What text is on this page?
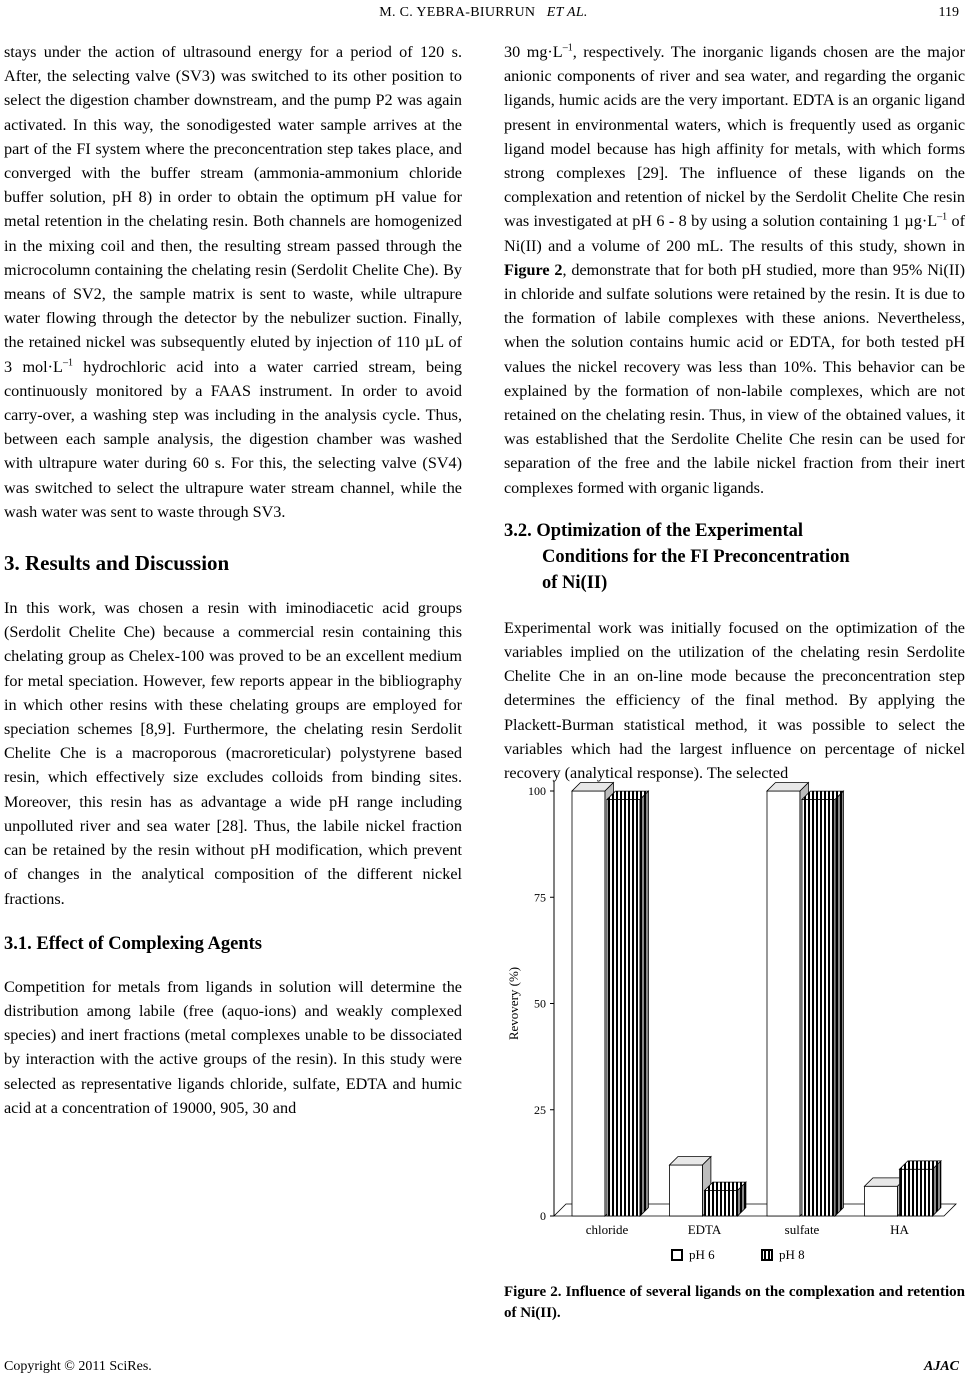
M. C. YEBRA-BIURRUN ET AL.	119

stays under the action of ultrasound energy for a period of 120 s. After, the selecting valve (SV3) was switched to its other position to select the digestion chamber downstream, and the pump P2 was again activated. In this way, the sonodigested water sample arrives at the part of the FI system where the preconcentration step takes place, and converged with the buffer stream (ammonia-ammonium chloride buffer solution, pH 8) in order to obtain the optimum pH value for metal retention in the chelating resin. Both channels are homogenized in the mixing coil and then, the resulting stream passed through the microcolumn containing the chelating resin (Serdolit Chelite Che). By means of SV2, the sample matrix is sent to waste, while ultrapure water flowing through the detector by the nebulizer suction. Finally, the retained nickel was subsequently eluted by injection of 110 µL of 3 $mol\cdot L^{-1}$ hydrochloric acid into a water carried stream, being continuously monitored by a FAAS instrument. In order to avoid carry-over, a washing step was including in the analysis cycle. Thus, between each sample analysis, the digestion chamber was washed with ultrapure water during 60 s. For this, the selecting valve (SV4) was switched to select the ultrapure water stream channel, while the wash water was sent to waste through SV3.

3. Results and Discussion

In this work, was chosen a resin with iminodiacetic acid groups (Serdolit Chelite Che) because a commercial resin containing this chelating group as Chelex-100 was proved to be an excellent medium for metal speciation. However, few reports appear in the bibliography in which other resins with these chelating groups are employed for speciation schemes [8,9]. Furthermore, the chelating resin Serdolit Chelite Che is a macroporous (macroreticular) polystyrene based resin, which effectively size excludes colloids from binding sites. Moreover, this resin has as advantage a wide pH range including unpolluted river and sea water [28]. Thus, the labile nickel fraction can be retained by the resin without pH modification, which prevent of changes in the analytical composition of the different nickel fractions.

3.1. Effect of Complexing Agents

Competition for metals from ligands in solution will determine the distribution among labile (free (aquo-ions) and weakly complexed species) and inert fractions (metal complexes unable to be dissociated by interaction with the active groups of the resin). In this study were selected as representative ligands chloride, sulfate, EDTA and humic acid at a concentration of 19000, 905, 30 and

30 $mg\cdot L^{-1}$, respectively. The inorganic ligands chosen are the major anionic components of river and sea water, and regarding the organic ligands, humic acids are the very important. EDTA is an organic ligand present in environmental waters, which is frequently used as organic ligand model because has high affinity for metals, with which forms strong complexes [29]. The influence of these ligands on the complexation and retention of nickel by the Serdolit Chelite Che resin was investigated at pH 6 - 8 by using a solution containing 1 $\mu g\cdot L^{-1}$ of Ni(II) and a volume of 200 mL. The results of this study, shown in Figure 2, demonstrate that for both pH studied, more than 95% Ni(II) in chloride and sulfate solutions were retained by the resin. It is due to the formation of labile complexes with these anions. Nevertheless, when the solution contains humic acid or EDTA, for both tested pH values the nickel recovery was less than 10%. This behavior can be explained by the formation of non-labile complexes, which are not retained on the chelating resin. Thus, in view of the obtained values, it was established that the Serdolite Chelite Che resin can be used for separation of the free and the labile nickel fraction from their inert complexes formed with organic ligands.

3.2. Optimization of the Experimental
Conditions for the FI Preconcentration
of Ni(II)

Experimental work was initially focused on the optimization of the variables implied on the utilization of the chelating resin Serdolite Chelite Che in an on-line mode because the preconcentration step determines the efficiency of the final method. By applying the Plackett-Burman statistical method, it was possible to select the variables which had the largest influence on percentage of nickel recovery (analytical response). The selected

0
25
50
75
100
Revovery (%)
chloride	EDTA	sulfate	HA
pH 6	pH 8
Figure 2. Influence of several ligands on the complexation and retention of Ni(II).
Copyright © 2011 SciRes.	AJAC
